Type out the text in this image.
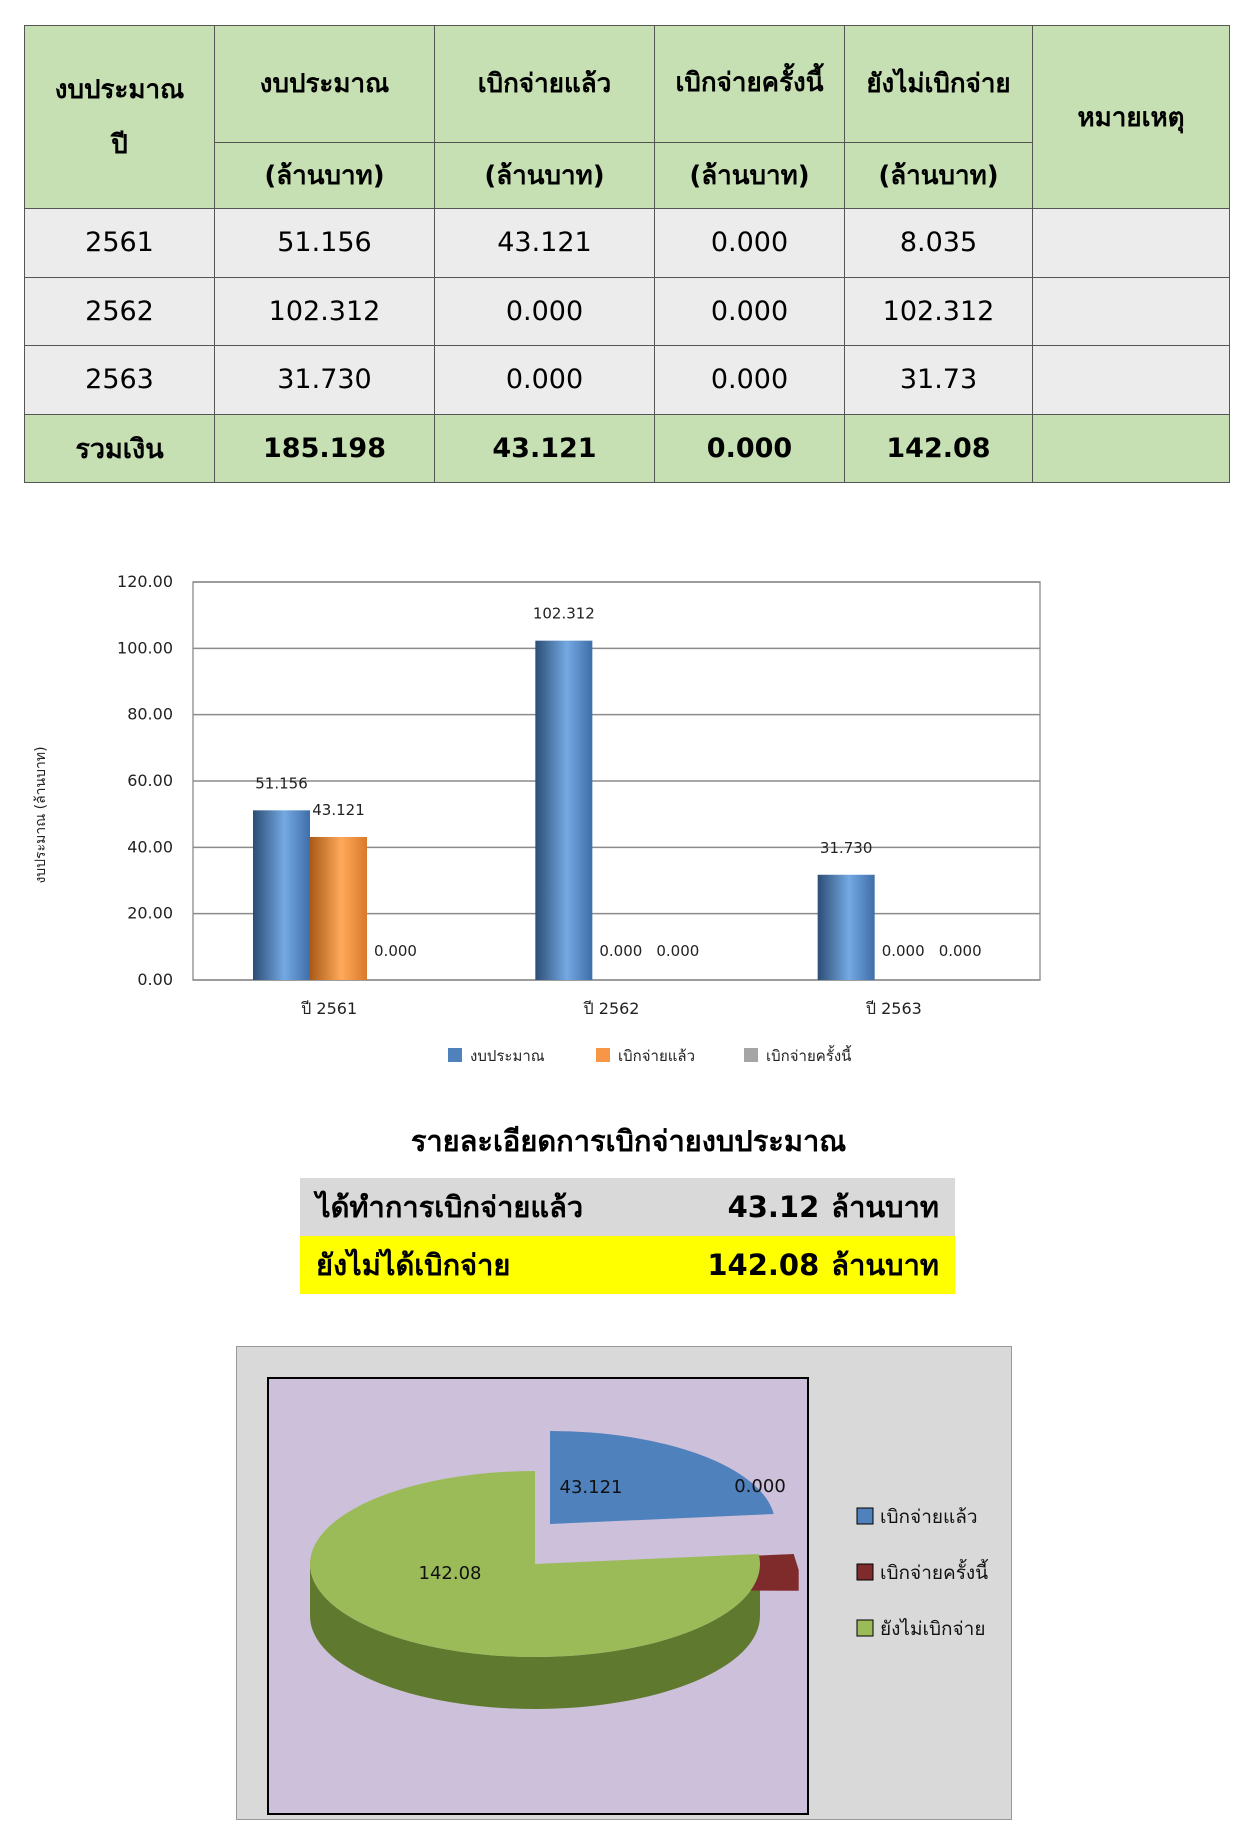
งบประมาณ
ปี	งบประมาณ	เบิกจ่ายแล้ว	เบิกจ่ายครั้งนี้	ยังไม่เบิกจ่าย	หมายเหตุ
	(ล้านบาท)	(ล้านบาท)	(ล้านบาท)	(ล้านบาท)	
2561	51.156	43.121	0.000	8.035	
2562	102.312	0.000	0.000	102.312	
2563	31.730	0.000	0.000	31.73	
รวมเงิน	185.198	43.121	0.000	142.08	
0.00
20.00
40.00
60.00
80.00
100.00
120.00
ปี 2561	ปี 2562	ปี 2563
51.156
43.121
0.000
102.312
0.000 0.000
31.730
0.000 0.000
งบประมาณ (ล้านบาท)
งบประมาณ	เบิกจ่ายแล้ว	เบิกจ่ายครั้งนี้
รายละเอียดการเบิกจ่ายงบประมาณ
ได้ทำการเบิกจ่ายแล้ว	43.12 ล้านบาท
ยังไม่ได้เบิกจ่าย	142.08 ล้านบาท
43.121	0.000
142.08
เบิกจ่ายแล้ว
เบิกจ่ายครั้งนี้
ยังไม่เบิกจ่าย
